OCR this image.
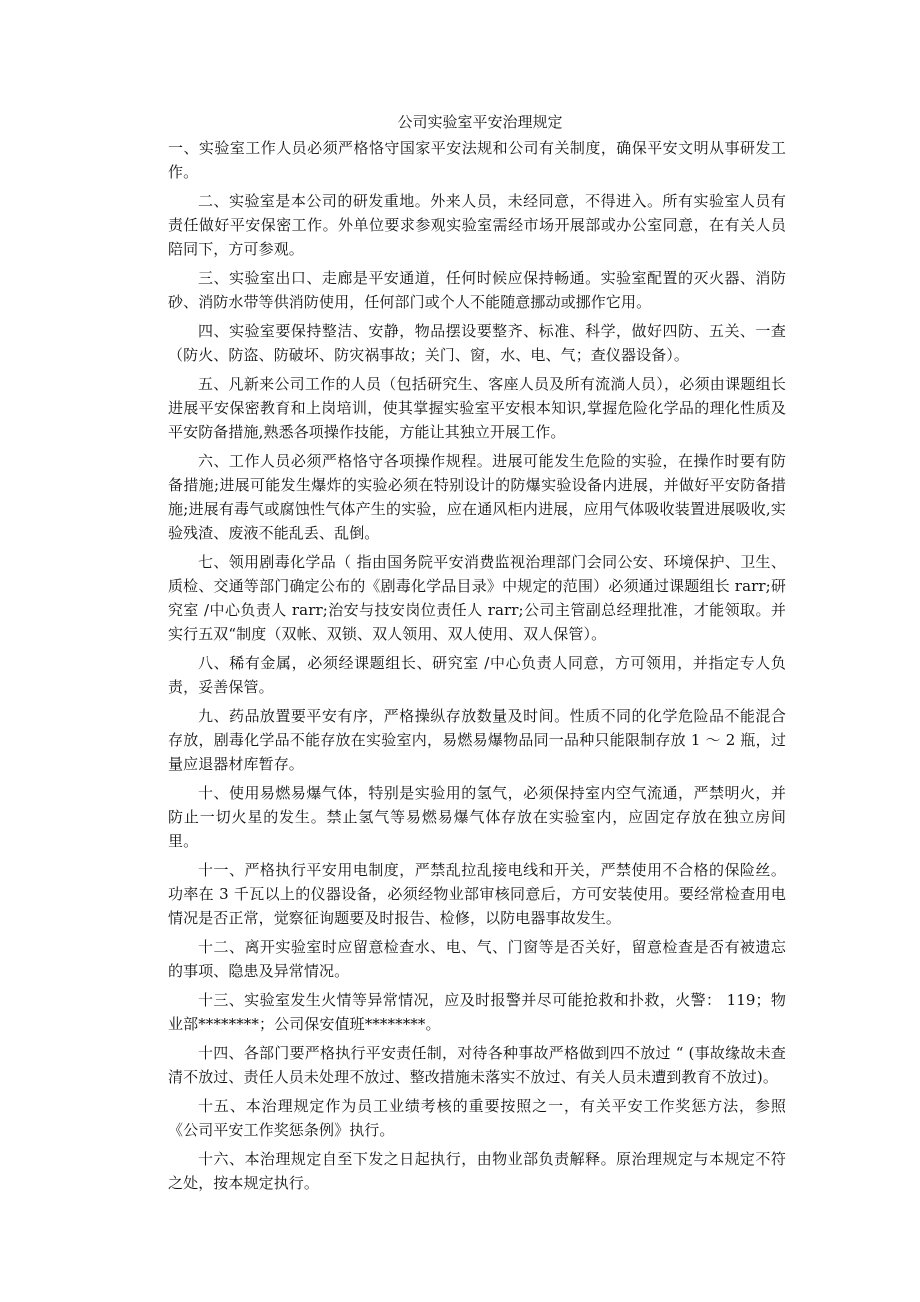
公司实验室平安治理规定

一、实验室工作人员必须严格恪守国家平安法规和公司有关制度，确保平安文明从事研发工作。

二、实验室是本公司的研发重地。外来人员，未经同意，不得进入。所有实验室人员有责任做好平安保密工作。外单位要求参观实验室需经市场开展部或办公室同意，在有关人员陪同下，方可参观。

三、实验室出口、走廊是平安通道，任何时候应保持畅通。实验室配置的灭火器、消防砂、消防水带等供消防使用，任何部门或个人不能随意挪动或挪作它用。

四、实验室要保持整洁、安静，物品摆设要整齐、标准、科学，做好四防、五关、一查（防火、防盗、防破坏、防灾祸事故；关门、窗，水、电、气；查仪器设备）。

五、凡新来公司工作的人员（包括研究生、客座人员及所有流淌人员），必须由课题组长进展平安保密教育和上岗培训，使其掌握实验室平安根本知识,掌握危险化学品的理化性质及平安防备措施,熟悉各项操作技能，方能让其独立开展工作。

六、工作人员必须严格恪守各项操作规程。进展可能发生危险的实验，在操作时要有防备措施;进展可能发生爆炸的实验必须在特别设计的防爆实验设备内进展，并做好平安防备措施;进展有毒气或腐蚀性气体产生的实验，应在通风柜内进展，应用气体吸收装置进展吸收,实验残渣、废液不能乱丢、乱倒。

七、领用剧毒化学品（ 指由国务院平安消费监视治理部门会同公安、环境保护、卫生、质检、交通等部门确定公布的《剧毒化学品目录》中规定的范围）必须通过课题组长 rarr;研究室 /中心负责人 rarr;治安与技安岗位责任人 rarr;公司主管副总经理批准，才能领取。并实行五双“制度（双帐、双锁、双人领用、双人使用、双人保管）。

八、稀有金属，必须经课题组长、研究室 /中心负责人同意，方可领用，并指定专人负责，妥善保管。

九、药品放置要平安有序，严格操纵存放数量及时间。性质不同的化学危险品不能混合存放，剧毒化学品不能存放在实验室内，易燃易爆物品同一品种只能限制存放 1 ～ 2 瓶，过量应退器材库暂存。

十、使用易燃易爆气体，特别是实验用的氢气，必须保持室内空气流通，严禁明火，并防止一切火星的发生。禁止氢气等易燃易爆气体存放在实验室内，应固定存放在独立房间里。

十一、严格执行平安用电制度，严禁乱拉乱接电线和开关，严禁使用不合格的保险丝。功率在 3 千瓦以上的仪器设备，必须经物业部审核同意后，方可安装使用。要经常检查用电情况是否正常，觉察征询题要及时报告、检修，以防电器事故发生。

十二、离开实验室时应留意检查水、电、气、门窗等是否关好，留意检查是否有被遗忘的事项、隐患及异常情况。

十三、实验室发生火情等异常情况，应及时报警并尽可能抢救和扑救，火警： 119；物业部********；公司保安值班********。

十四、各部门要严格执行平安责任制，对待各种事故严格做到四不放过 “ (事故缘故未查清不放过、责任人员未处理不放过、整改措施未落实不放过、有关人员未遭到教育不放过)。

十五、本治理规定作为员工业绩考核的重要按照之一，有关平安工作奖惩方法，参照《公司平安工作奖惩条例》执行。

十六、本治理规定自至下发之日起执行，由物业部负责解释。原治理规定与本规定不符之处，按本规定执行。
